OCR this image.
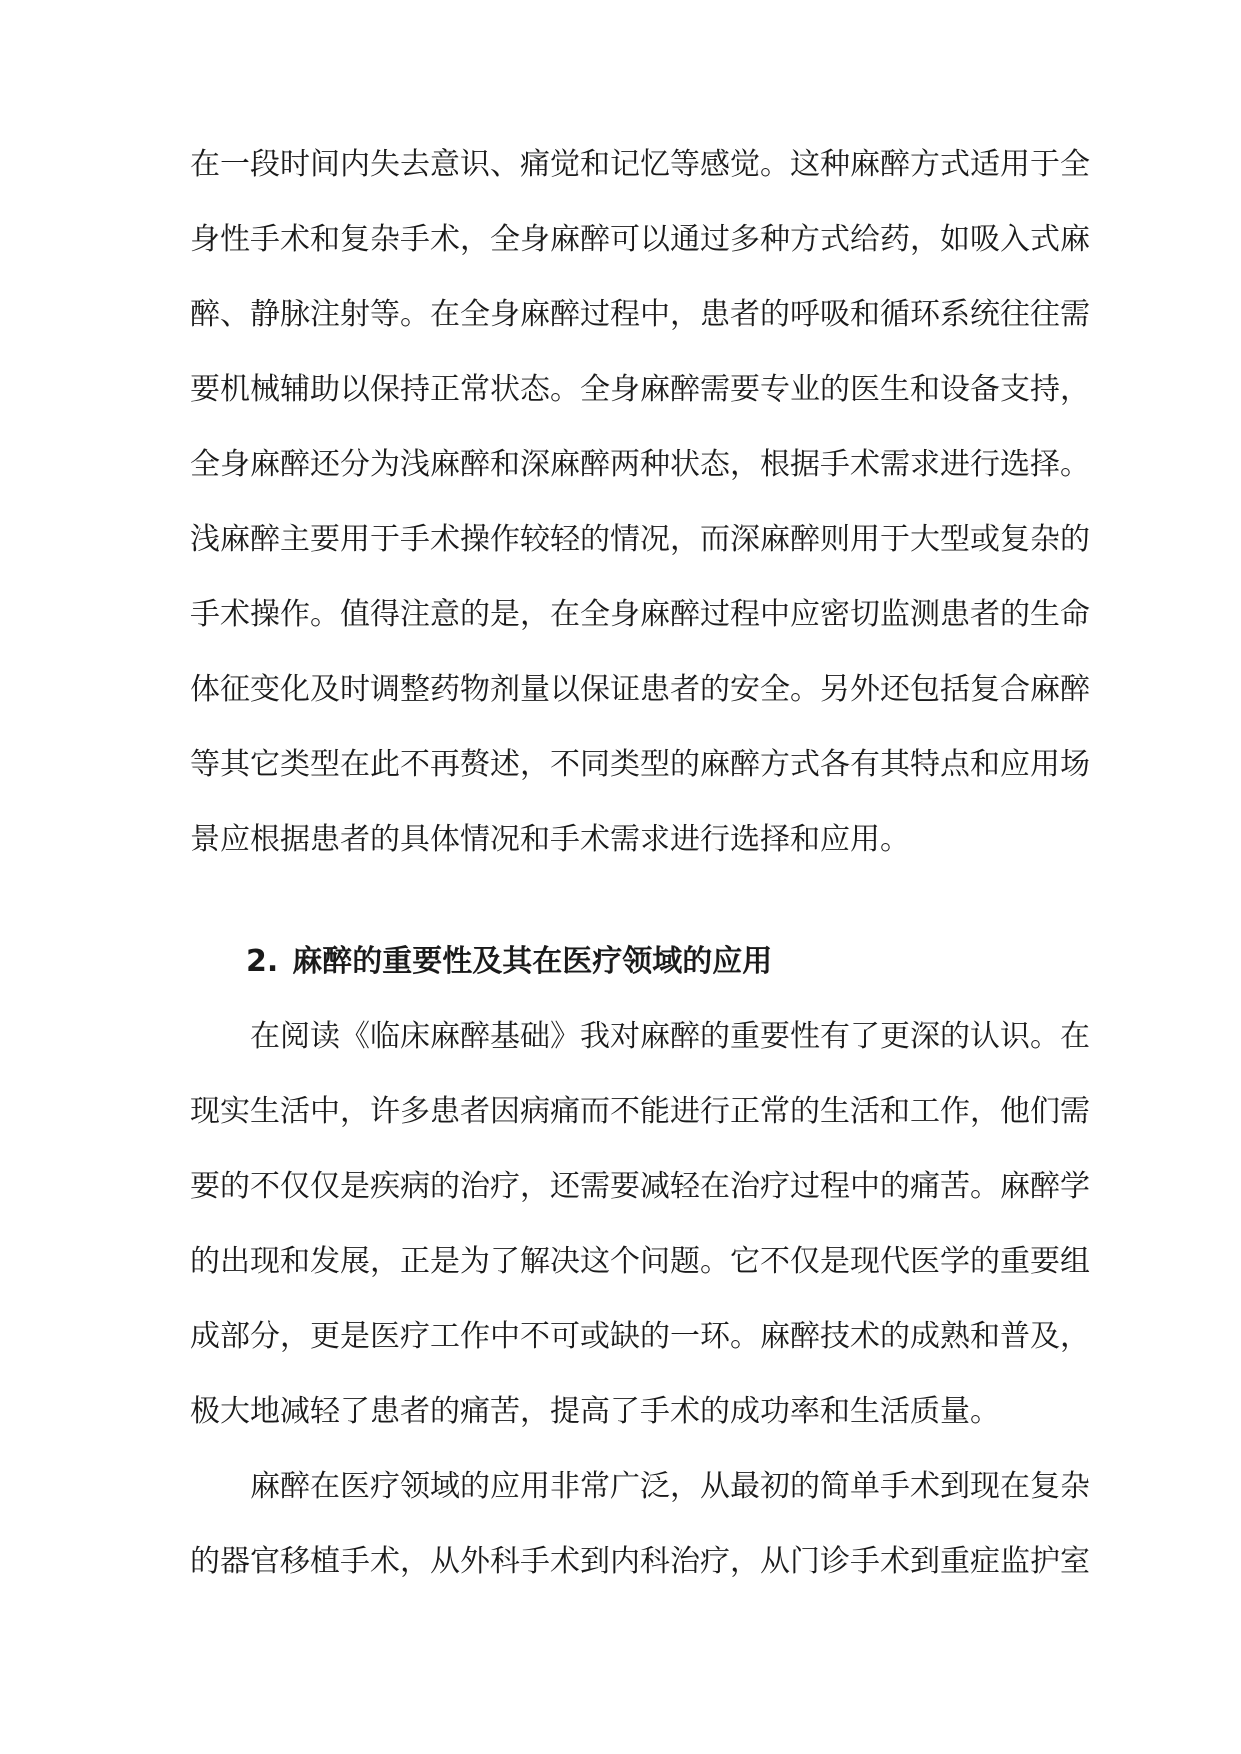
在一段时间内失去意识、痛觉和记忆等感觉。这种麻醉方式适用于全
身性手术和复杂手术，全身麻醉可以通过多种方式给药，如吸入式麻
醉、静脉注射等。在全身麻醉过程中，患者的呼吸和循环系统往往需
要机械辅助以保持正常状态。全身麻醉需要专业的医生和设备支持，
全身麻醉还分为浅麻醉和深麻醉两种状态，根据手术需求进行选择。
浅麻醉主要用于手术操作较轻的情况，而深麻醉则用于大型或复杂的
手术操作。值得注意的是，在全身麻醉过程中应密切监测患者的生命
体征变化及时调整药物剂量以保证患者的安全。另外还包括复合麻醉
等其它类型在此不再赘述，不同类型的麻醉方式各有其特点和应用场
景应根据患者的具体情况和手术需求进行选择和应用。
2. 麻醉的重要性及其在医疗领域的应用
在阅读《临床麻醉基础》我对麻醉的重要性有了更深的认识。在
现实生活中，许多患者因病痛而不能进行正常的生活和工作，他们需
要的不仅仅是疾病的治疗，还需要减轻在治疗过程中的痛苦。麻醉学
的出现和发展，正是为了解决这个问题。它不仅是现代医学的重要组
成部分，更是医疗工作中不可或缺的一环。麻醉技术的成熟和普及，
极大地减轻了患者的痛苦，提高了手术的成功率和生活质量。
麻醉在医疗领域的应用非常广泛，从最初的简单手术到现在复杂
的器官移植手术，从外科手术到内科治疗，从门诊手术到重症监护室
